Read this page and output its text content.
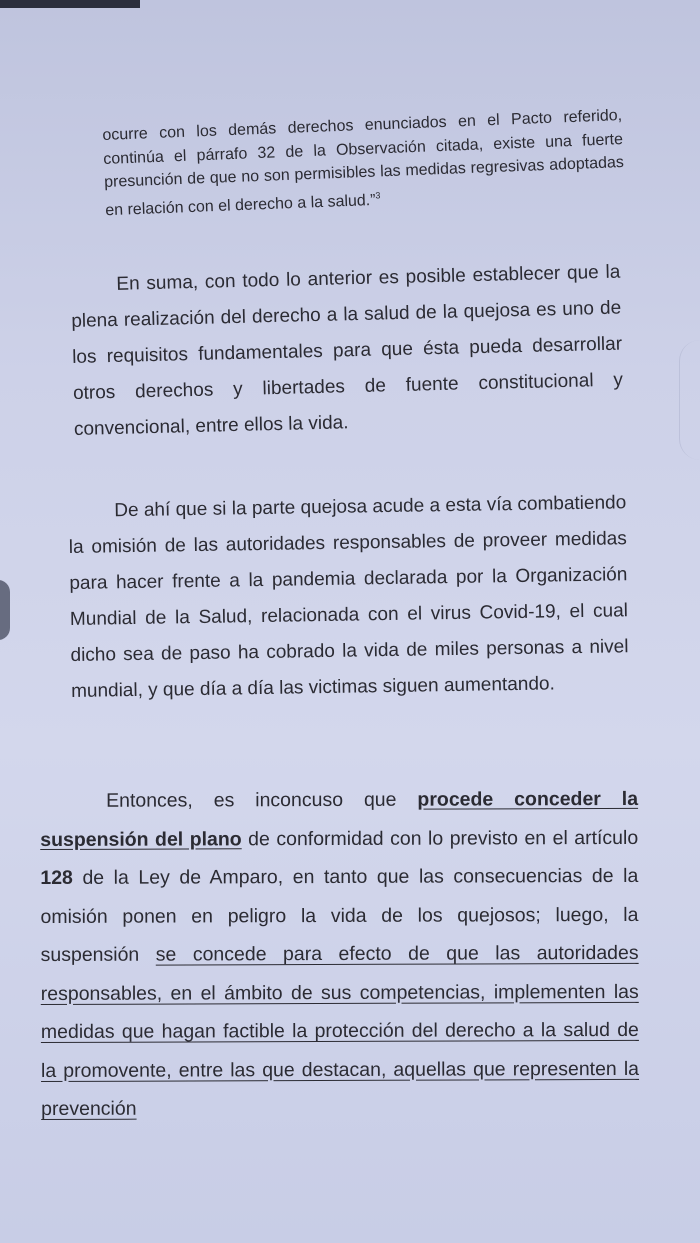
ocurre con los demás derechos enunciados en el Pacto referido, continúa el párrafo 32 de la Observación citada, existe una fuerte presunción de que no son permisibles las medidas regresivas adoptadas en relación con el derecho a la salud.”$^3$
En suma, con todo lo anterior es posible establecer que la plena realización del derecho a la salud de la quejosa es uno de los requisitos fundamentales para que ésta pueda desarrollar otros derechos y libertades de fuente constitucional y convencional, entre ellos la vida.
De ahí que si la parte quejosa acude a esta vía combatiendo la omisión de las autoridades responsables de proveer medidas para hacer frente a la pandemia declarada por la Organización Mundial de la Salud, relacionada con el virus Covid-19, el cual dicho sea de paso ha cobrado la vida de miles personas a nivel mundial, y que día a día las victimas siguen aumentando.
Entonces, es inconcuso que procede conceder la suspensión del plano de conformidad con lo previsto en el artículo 128 de la Ley de Amparo, en tanto que las consecuencias de la omisión ponen en peligro la vida de los quejosos; luego, la suspensión se concede para efecto de que las autoridades responsables, en el ámbito de sus competencias, implementen las medidas que hagan factible la protección del derecho a la salud de la promovente, entre las que destacan, aquellas que representen la prevención
